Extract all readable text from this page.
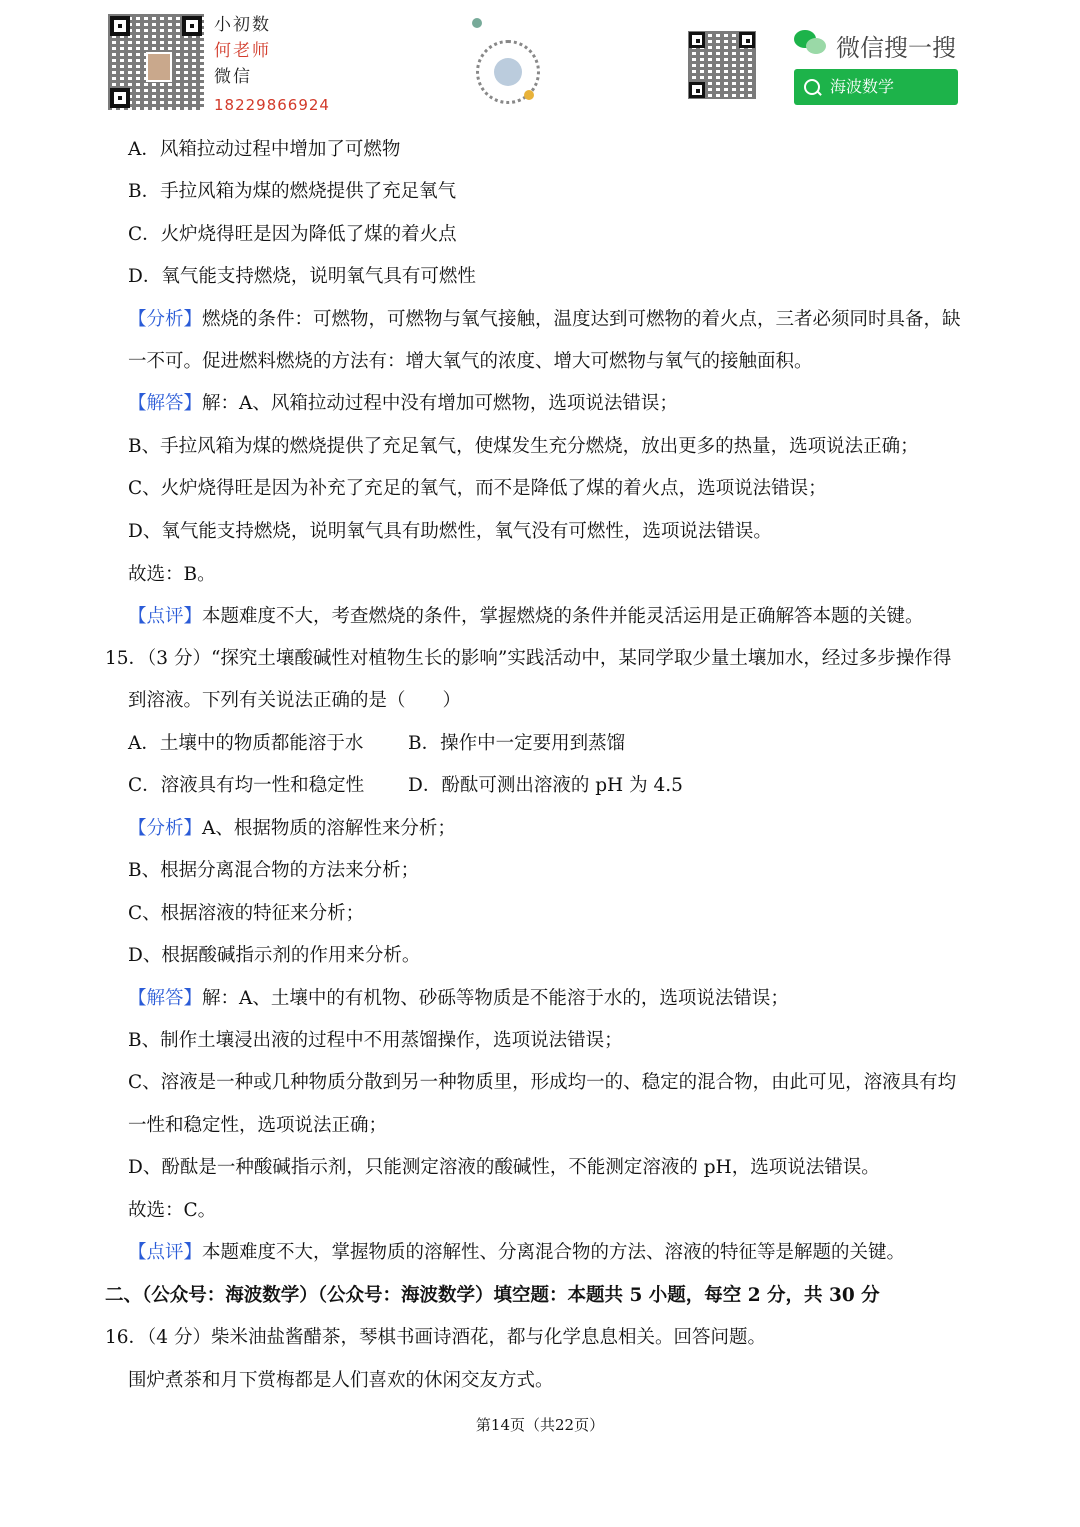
小初数
何老师
微信
18229866924
微信搜一搜
海波数学
A．风箱拉动过程中增加了可燃物
B．手拉风箱为煤的燃烧提供了充足氧气
C．火炉烧得旺是因为降低了煤的着火点
D．氧气能支持燃烧，说明氧气具有可燃性
【分析】燃烧的条件：可燃物，可燃物与氧气接触，温度达到可燃物的着火点，三者必须同时具备，缺
一不可。促进燃料燃烧的方法有：增大氧气的浓度、增大可燃物与氧气的接触面积。
【解答】解：A、风箱拉动过程中没有增加可燃物，选项说法错误；
B、手拉风箱为煤的燃烧提供了充足氧气，使煤发生充分燃烧，放出更多的热量，选项说法正确；
C、火炉烧得旺是因为补充了充足的氧气，而不是降低了煤的着火点，选项说法错误；
D、氧气能支持燃烧，说明氧气具有助燃性，氧气没有可燃性，选项说法错误。
故选：B。
【点评】本题难度不大，考查燃烧的条件，掌握燃烧的条件并能灵活运用是正确解答本题的关键。
15．（3 分）“探究土壤酸碱性对植物生长的影响”实践活动中，某同学取少量土壤加水，经过多步操作得
到溶液。下列有关说法正确的是（　　）
A．土壤中的物质都能溶于水 B．操作中一定要用到蒸馏
C．溶液具有均一性和稳定性 D．酚酞可测出溶液的 pH 为 4.5
【分析】A、根据物质的溶解性来分析；
B、根据分离混合物的方法来分析；
C、根据溶液的特征来分析；
D、根据酸碱指示剂的作用来分析。
【解答】解：A、土壤中的有机物、砂砾等物质是不能溶于水的，选项说法错误；
B、制作土壤浸出液的过程中不用蒸馏操作，选项说法错误；
C、溶液是一种或几种物质分散到另一种物质里，形成均一的、稳定的混合物，由此可见，溶液具有均
一性和稳定性，选项说法正确；
D、酚酞是一种酸碱指示剂，只能测定溶液的酸碱性，不能测定溶液的 pH，选项说法错误。
故选：C。
【点评】本题难度不大，掌握物质的溶解性、分离混合物的方法、溶液的特征等是解题的关键。
二、（公众号：海波数学）（公众号：海波数学）填空题：本题共 5 小题，每空 2 分，共 30 分
16．（4 分）柴米油盐酱醋茶，琴棋书画诗酒花，都与化学息息相关。回答问题。
围炉煮茶和月下赏梅都是人们喜欢的休闲交友方式。
第14页（共22页）
